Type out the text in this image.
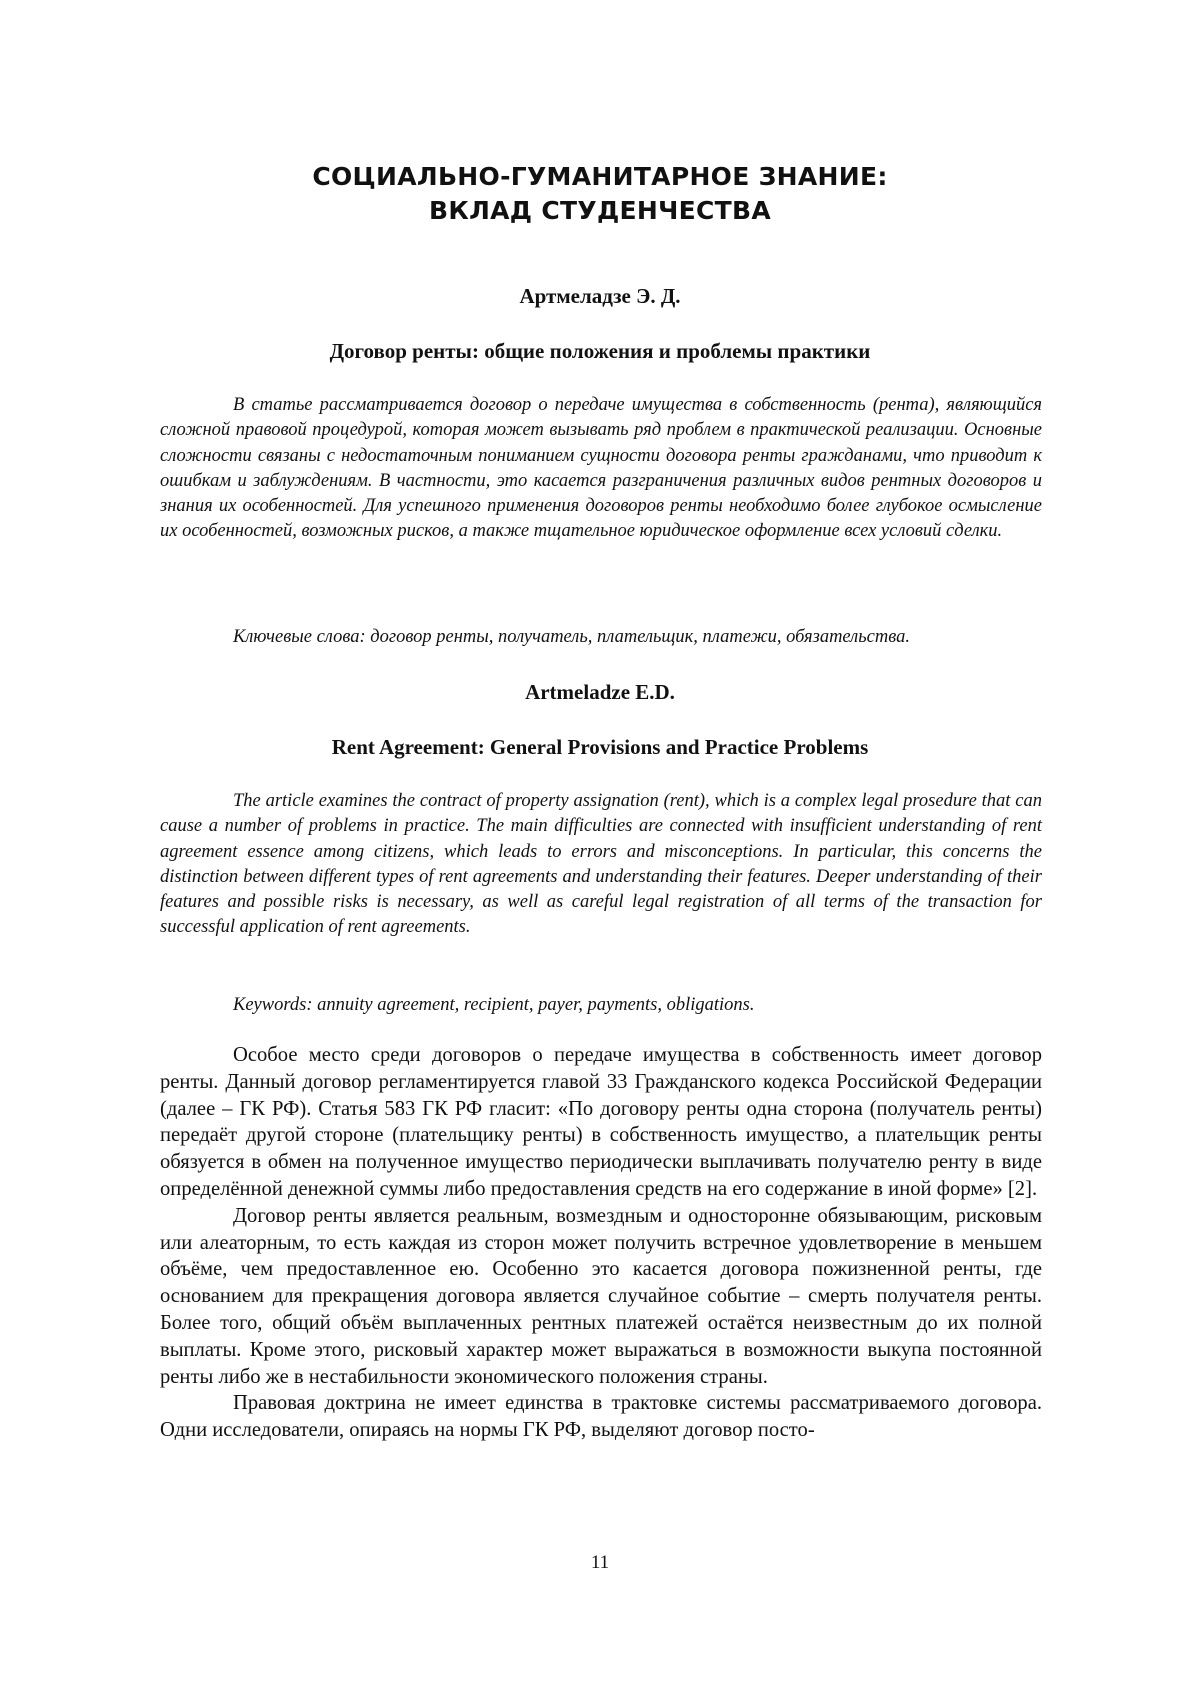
СОЦИАЛЬНО-ГУМАНИТАРНОЕ ЗНАНИЕ:
ВКЛАД СТУДЕНЧЕСТВА

Артмеладзе Э. Д.

Договор ренты: общие положения и проблемы практики

В статье рассматривается договор о передаче имущества в собственность (рента), являющийся сложной правовой процедурой, которая может вызывать ряд проблем в практической реализации. Основные сложности связаны с недостаточным пониманием сущности договора ренты гражданами, что приводит к ошибкам и заблуждениям. В частности, это касается разграничения различных видов рентных договоров и знания их особенностей. Для успешного применения договоров ренты необходимо более глубокое осмысление их особенностей, возможных рисков, а также тщательное юридическое оформление всех условий сделки.

Ключевые слова: договор ренты, получатель, плательщик, платежи, обязательства.

Artmeladze E.D.

Rent Agreement: General Provisions and Practice Problems

The article examines the contract of property assignation (rent), which is a complex legal prosedure that can cause a number of problems in practice. The main difficulties are connected with insufficient understanding of rent agreement essence among citizens, which leads to errors and misconceptions. In particular, this concerns the distinction between different types of rent agreements and understanding their features. Deeper understanding of their features and possible risks is necessary, as well as careful legal registration of all terms of the transaction for successful application of rent agreements.

Keywords: annuity agreement, recipient, payer, payments, obligations.

Особое место среди договоров о передаче имущества в собственность имеет договор ренты. Данный договор регламентируется главой 33 Гражданского кодекса Российской Федерации (далее – ГК РФ). Статья 583 ГК РФ гласит: «По договору ренты одна сторона (получатель ренты) передаёт другой стороне (плательщику ренты) в собственность имущество, а плательщик ренты обязуется в обмен на полученное имущество периодически выплачивать получателю ренту в виде определённой денежной суммы либо предоставления средств на его содержание в иной форме» [2].

Договор ренты является реальным, возмездным и односторонне обязывающим, рисковым или алеаторным, то есть каждая из сторон может получить встречное удовлетворение в меньшем объёме, чем предоставленное ею. Особенно это касается договора пожизненной ренты, где основанием для прекращения договора является случайное событие – смерть получателя ренты. Более того, общий объём выплаченных рентных платежей остаётся неизвестным до их полной выплаты. Кроме этого, рисковый характер может выражаться в возможности выкупа постоянной ренты либо же в нестабильности экономического положения страны.

Правовая доктрина не имеет единства в трактовке системы рассматриваемого договора. Одни исследователи, опираясь на нормы ГК РФ, выделяют договор посто-

11
